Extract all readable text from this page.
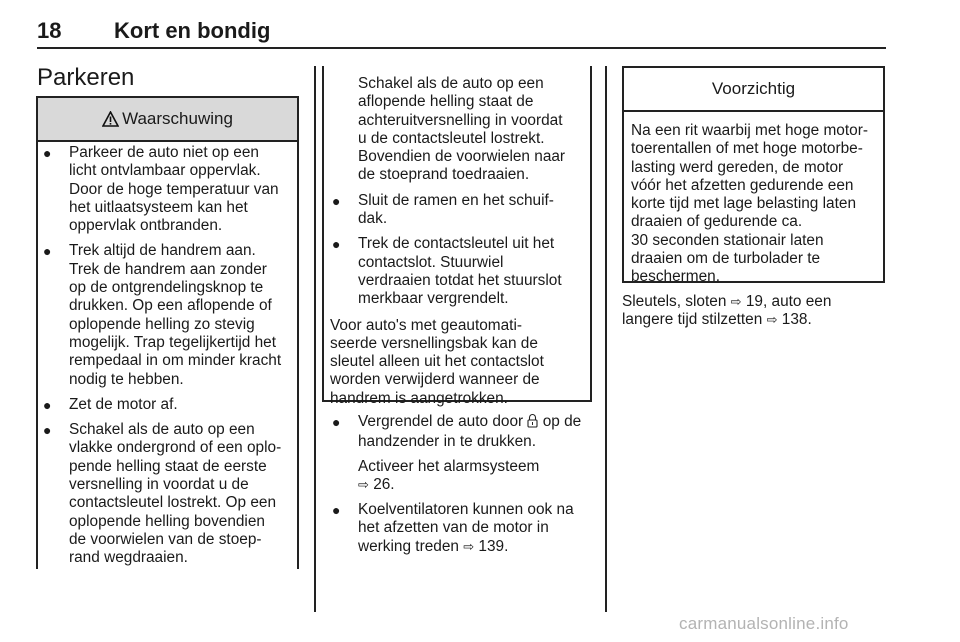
18 Kort en bondig
Parkeren
Waarschuwing
●	Parkeer de auto niet op een
licht ontvlambaar oppervlak.
Door de hoge temperatuur van
het uitlaatsysteem kan het
oppervlak ontbranden.
●	Trek altijd de handrem aan.
Trek de handrem aan zonder
op de ontgrendelingsknop te
drukken. Op een aflopende of
oplopende helling zo stevig
mogelijk. Trap tegelijkertijd het
rempedaal in om minder kracht
nodig te hebben.
●	Zet de motor af.
●	Schakel als de auto op een
vlakke ondergrond of een oplo-
pende helling staat de eerste
versnelling in voordat u de
contactsleutel lostrekt. Op een
oplopende helling bovendien
de voorwielen van de stoep-
rand wegdraaien.
Schakel als de auto op een
aflopende helling staat de
achteruitversnelling in voordat
u de contactsleutel lostrekt.
Bovendien de voorwielen naar
de stoeprand toedraaien.
●	Sluit de ramen en het schuif-
dak.
●	Trek de contactsleutel uit het
contactslot. Stuurwiel
verdraaien totdat het stuurslot
merkbaar vergrendelt.
Voor auto's met geautomati-
seerde versnellingsbak kan de
sleutel alleen uit het contactslot
worden verwijderd wanneer de
handrem is aangetrokken.
●	Vergrendel de auto door  op de
handzender in te drukken.
Activeer het alarmsysteem
⇨ 26.
●	Koelventilatoren kunnen ook na
het afzetten van de motor in
werking treden ⇨ 139.
Voorzichtig
Na een rit waarbij met hoge motor-
toerentallen of met hoge motorbe-
lasting werd gereden, de motor
vóór het afzetten gedurende een
korte tijd met lage belasting laten
draaien of gedurende ca.
30 seconden stationair laten
draaien om de turbolader te
beschermen.
Sleutels, sloten ⇨ 19, auto een
langere tijd stilzetten ⇨ 138.
carmanualsonline.info
